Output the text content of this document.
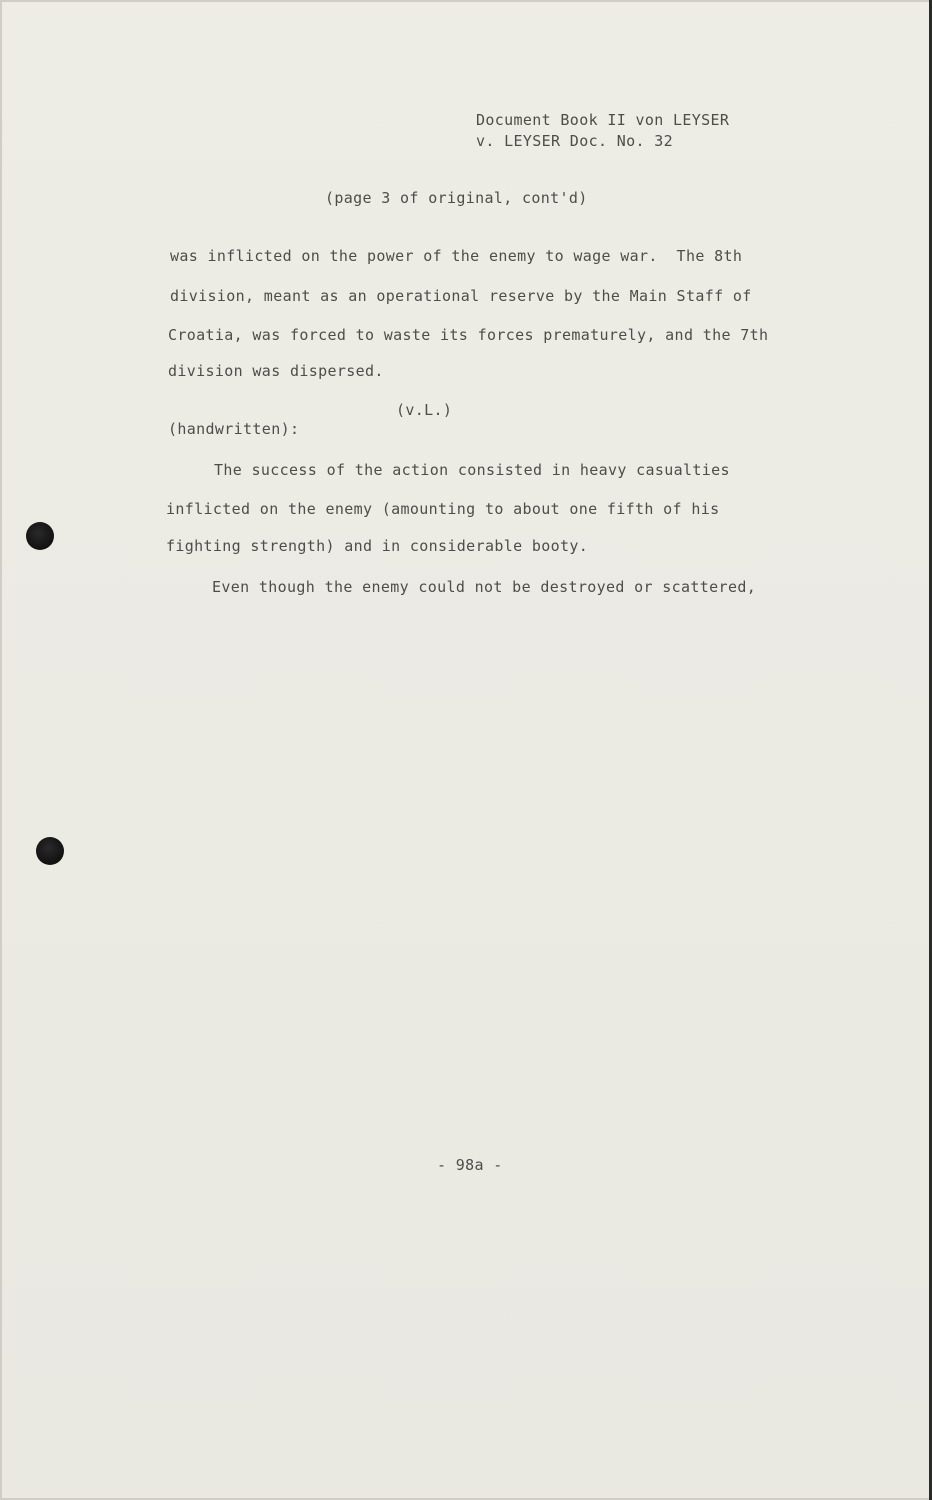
Document Book II von LEYSER
v. LEYSER Doc. No. 32
(page 3 of original, cont'd)
was inflicted on the power of the enemy to wage war.  The 8th
division, meant as an operational reserve by the Main Staff of
Croatia, was forced to waste its forces prematurely, and the 7th
division was dispersed.
(v.L.)
(handwritten):
The success of the action consisted in heavy casualties
inflicted on the enemy (amounting to about one fifth of his
fighting strength) and in considerable booty.
Even though the enemy could not be destroyed or scattered,
- 98a -
